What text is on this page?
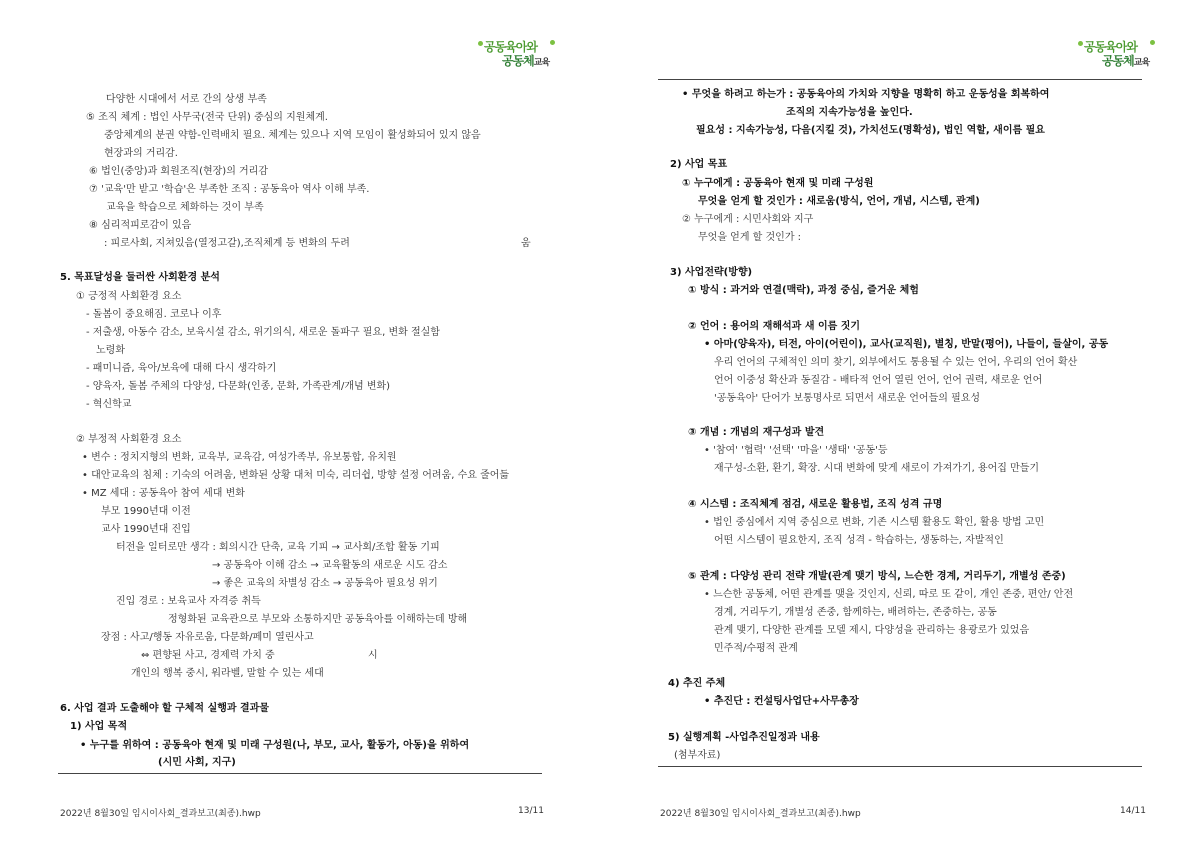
공동육아와
공동체교육
다양한 시대에서 서로 간의 상생 부족
⑤ 조직 체계 : 법인 사무국(전국 단위) 중심의 지원체계.
중앙체계의 분권 약함-인력배치 필요. 체계는 있으나 지역 모임이 활성화되어 있지 않음
현장과의 거리감.
⑥ 법인(중앙)과 회원조직(현장)의 거리감
⑦ '교육'만 받고 '학습'은 부족한 조직 : 공동육아 역사 이해 부족.
교육을 학습으로 체화하는 것이 부족
⑧ 심리적피로감이 있음
: 피로사회, 지쳐있음(열정고갈),조직체계 등 변화의 두려	움
5. 목표달성을 둘러싼 사회환경 분석
① 긍정적 사회환경 요소
- 돌봄이 중요해짐. 코로나 이후
- 저출생, 아동수 감소, 보육시설 감소, 위기의식, 새로운 돌파구 필요, 변화 절실함
노령화
- 패미니즘, 육아/보육에 대해 다시 생각하기
- 양육자, 돌봄 주체의 다양성, 다문화(인종, 문화, 가족관계/개념 변화)
- 혁신학교
② 부정적 사회환경 요소
• 변수 : 정치지형의 변화, 교육부, 교육감, 여성가족부, 유보통합, 유치원
• 대안교육의 침체 : 기숙의 어려움, 변화된 상황 대처 미숙, 리더쉽, 방향 설정 어려움, 수요 줄어듦
• MZ 세대 : 공동육아 참여 세대 변화
부모 1990년대 이전
교사 1990년대 진입
터전을 일터로만 생각 : 회의시간 단축, 교육 기피 → 교사회/조합 활동 기피
→ 공동육아 이해 감소 → 교육활동의 새로운 시도 감소
→ 좋은 교육의 차별성 감소 → 공동육아 필요성 위기
진입 경로 : 보육교사 자격증 취득
정형화된 교육관으로 부모와 소통하지만 공동육아를 이해하는데 방해
장점 : 사고/행동 자유로움, 다문화/페미 열린사고
⇔ 편향된 사고, 경제력 가치 중	시
개인의 행복 중시, 워라벨, 말할 수 있는 세대
6. 사업 결과 도출해야 할 구체적 실행과 결과물
1) 사업 목적
• 누구를 위하여 : 공동육아 현재 및 미래 구성원(나, 부모, 교사, 활동가, 아동)을 위하여
(시민 사회, 지구)
2022년 8월30일 임시이사회_결과보고(최종).hwp	13/11
공동육아와
공동체교육
• 무엇을 하려고 하는가 : 공동육아의 가치와 지향을 명확히 하고 운동성을 회복하여
조직의 지속가능성을 높인다.
필요성 : 지속가능성, 다음(지킬 것), 가치선도(명확성), 법인 역할, 새이름 필요
2) 사업 목표
① 누구에게 : 공동육아 현재 및 미래 구성원
무엇을 얻게 할 것인가 : 새로움(방식, 언어, 개념, 시스템, 관계)
② 누구에게 : 시민사회와 지구
무엇을 얻게 할 것인가 :
3) 사업전략(방향)
① 방식 : 과거와 연결(맥락), 과정 중심, 즐거운 체험
② 언어 : 용어의 재해석과 새 이름 짓기
• 아마(양육자), 터전, 아이(어린이), 교사(교직원), 별칭, 반말(평어), 나들이, 들살이, 공동
우리 언어의 구체적인 의미 찾기, 외부에서도 통용될 수 있는 언어, 우리의 언어 확산
언어 이중성 확산과 동질감 - 배타적 언어 열린 언어, 언어 권력, 새로운 언어
'공동육아' 단어가 보통명사로 되면서 새로운 언어들의 필요성
③ 개념 : 개념의 재구성과 발견
• '참여' '협력' '선택' '마을' '생태' '공동'등
재구성-소환, 환기, 확장. 시대 변화에 맞게 새로이 가져가기, 용어집 만들기
④ 시스템 : 조직체계 점검, 새로운 활용법, 조직 성격 규명
• 법인 중심에서 지역 중심으로 변화, 기존 시스템 활용도 확인, 활용 방법 고민
어떤 시스템이 필요한지, 조직 성격 - 학습하는, 생동하는, 자발적인
⑤ 관계 : 다양성 관리 전략 개발(관계 맺기 방식, 느슨한 경계, 거리두기, 개별성 존중)
• 느슨한 공동체, 어떤 관계를 맺을 것인지, 신뢰, 따로 또 같이, 개인 존중, 편안/ 안전
경계, 거리두기, 개별성 존중, 함께하는, 배려하는, 존중하는, 공동
관계 맺기, 다양한 관계를 모델 제시, 다양성을 관리하는 용광로가 있었음
민주적/수평적 관계
4) 추진 주체
• 추진단 : 컨설팅사업단+사무총장
5) 실행계획 -사업추진일정과 내용
(첨부자료)
2022년 8월30일 임시이사회_결과보고(최종).hwp	14/11
